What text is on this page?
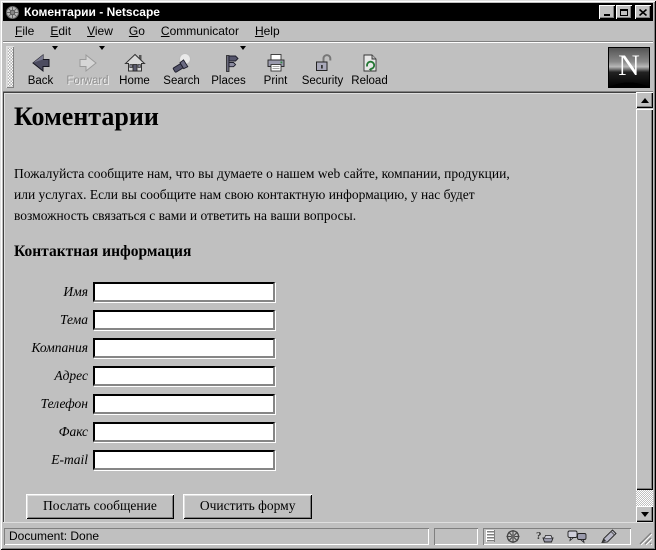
Коментарии - Netscape
File	Edit	View	Go	Communicator	Help
Back Forward Home Search Places Print Security Reload	N
Коментарии
Пожалуйста сообщите нам, что вы думаете о нашем web сайте, компании, продукции,
или услугах. Если вы сообщите нам свою контактную информацию, у нас будет
возможность связаться с вами и ответить на ваши вопросы.
Контактная информация
Имя
Тема
Компания
Адрес
Телефон
Факс
E-mail
Послать сообщение	Очистить форму
Document: Done	?
